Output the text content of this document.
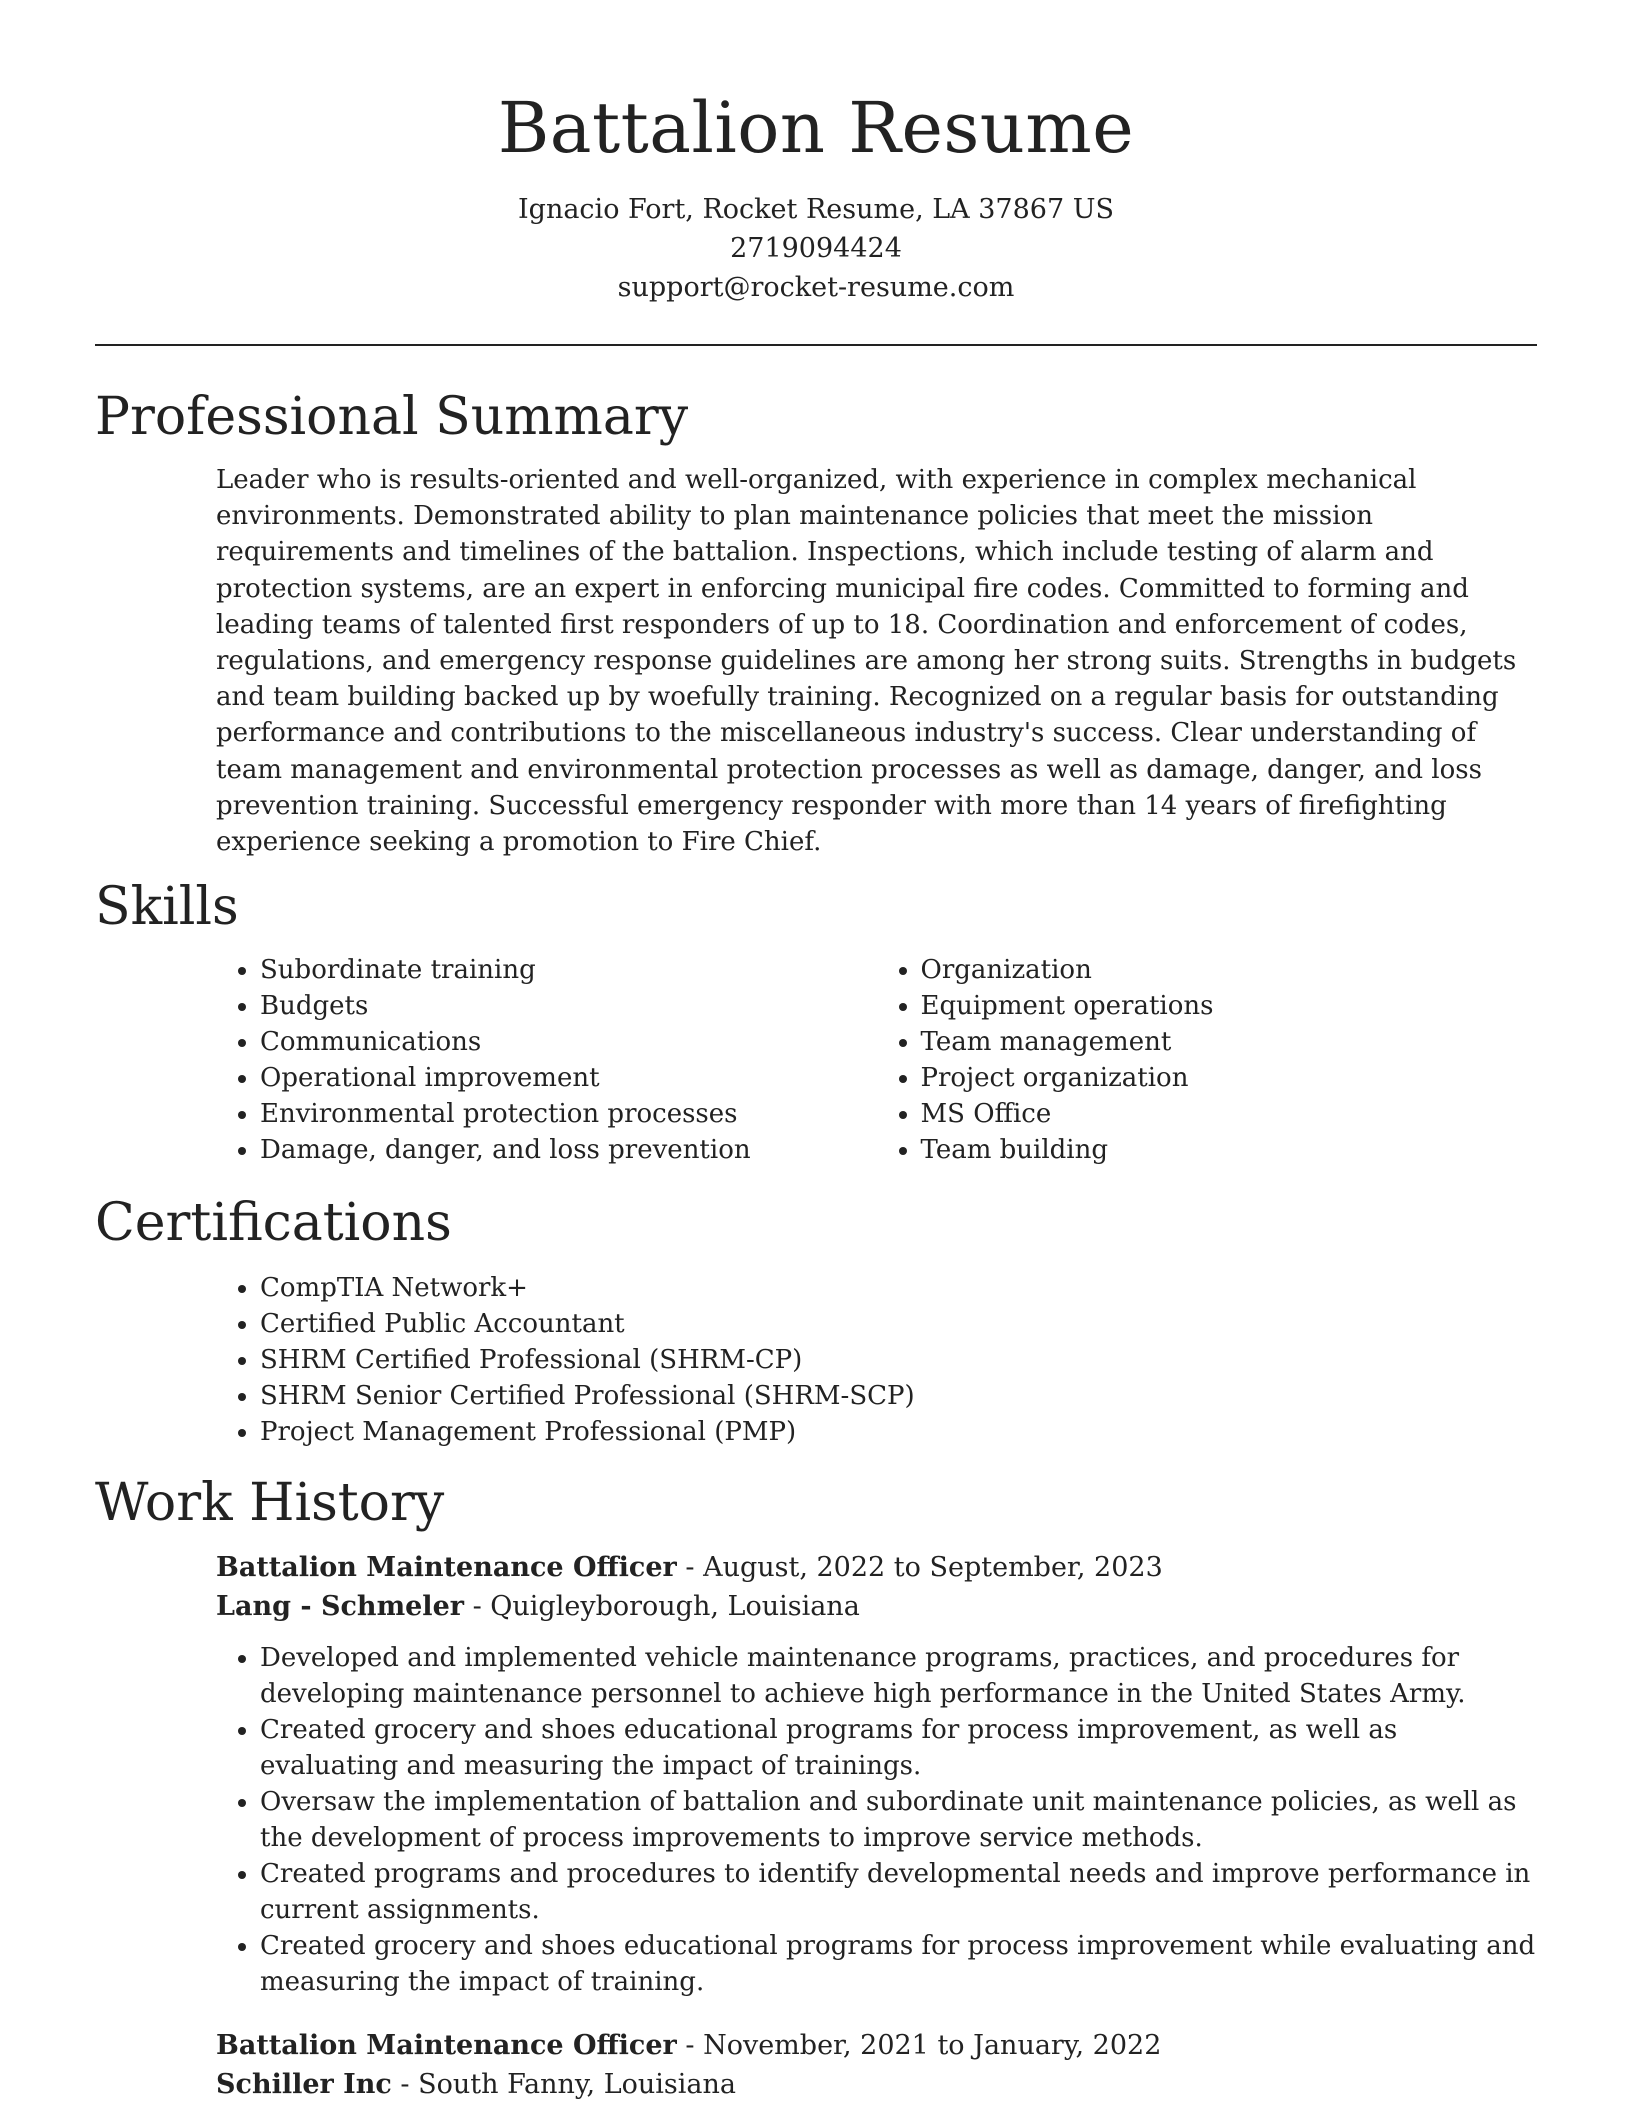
Battalion Resume
Ignacio Fort, Rocket Resume, LA 37867 US
2719094424
support@rocket-resume.com
Professional Summary
Leader who is results-oriented and well-organized, with experience in complex mechanical environments. Demonstrated ability to plan maintenance policies that meet the mission requirements and timelines of the battalion. Inspections, which include testing of alarm and protection systems, are an expert in enforcing municipal fire codes. Committed to forming and leading teams of talented first responders of up to 18. Coordination and enforcement of codes, regulations, and emergency response guidelines are among her strong suits. Strengths in budgets and team building backed up by woefully training. Recognized on a regular basis for outstanding performance and contributions to the miscellaneous industry's success. Clear understanding of team management and environmental protection processes as well as damage, danger, and loss prevention training. Successful emergency responder with more than 14 years of firefighting experience seeking a promotion to Fire Chief.
Skills
• Subordinate training
• Budgets
• Communications
• Operational improvement
• Environmental protection processes
• Damage, danger, and loss prevention
• Organization
• Equipment operations
• Team management
• Project organization
• MS Office
• Team building
Certifications
• CompTIA Network+
• Certified Public Accountant
• SHRM Certified Professional (SHRM-CP)
• SHRM Senior Certified Professional (SHRM-SCP)
• Project Management Professional (PMP)
Work History
Battalion Maintenance Officer - August, 2022 to September, 2023
Lang - Schmeler - Quigleyborough, Louisiana
• Developed and implemented vehicle maintenance programs, practices, and procedures for developing maintenance personnel to achieve high performance in the United States Army.
• Created grocery and shoes educational programs for process improvement, as well as evaluating and measuring the impact of trainings.
• Oversaw the implementation of battalion and subordinate unit maintenance policies, as well as the development of process improvements to improve service methods.
• Created programs and procedures to identify developmental needs and improve performance in current assignments.
• Created grocery and shoes educational programs for process improvement while evaluating and measuring the impact of training.
Battalion Maintenance Officer - November, 2021 to January, 2022
Schiller Inc - South Fanny, Louisiana
